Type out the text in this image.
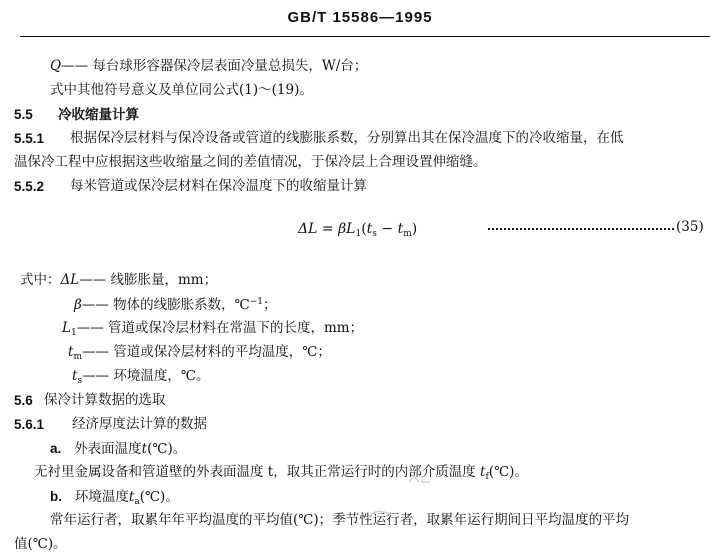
GB/T 15586—1995
Q—— 每台球形容器保冷层表面冷量总损失，W/台；
式中其他符号意义及单位同公式(1)～(19)。
5.5 冷收缩量计算
5.5.1 根据保冷层材料与保冷设备或管道的线膨胀系数，分别算出其在保冷温度下的冷收缩量，在低
温保冷工程中应根据这些收缩量之间的差值情况，于保冷层上合理设置伸缩缝。
5.5.2 每米管道或保冷层材料在保冷温度下的收缩量计算
$\Delta L = \beta L_1(t_s - t_m)$	(35)
式中：ΔL—— 线膨胀量，mm；
β—— 物体的线膨胀系数，℃$^{-1}$；
$L_1——$ 管道或保冷层材料在常温下的长度，mm；
$t_m——$ 管道或保冷层材料的平均温度，℃；
$t_s——$ 环境温度，℃。
5.6 保冷计算数据的选取
5.6.1 经济厚度法计算的数据
a. 外表面温度t(℃)。
无衬里金属设备和管道壁的外表面温度 t，取其正常运行时的内部介质温度 $t_f(℃)$。
b. 环境温度$t_a(℃)$。
常年运行者，取累年年平均温度的平均值(℃)；季节性运行者，取累年运行期间日平均温度的平均
值(℃)。
